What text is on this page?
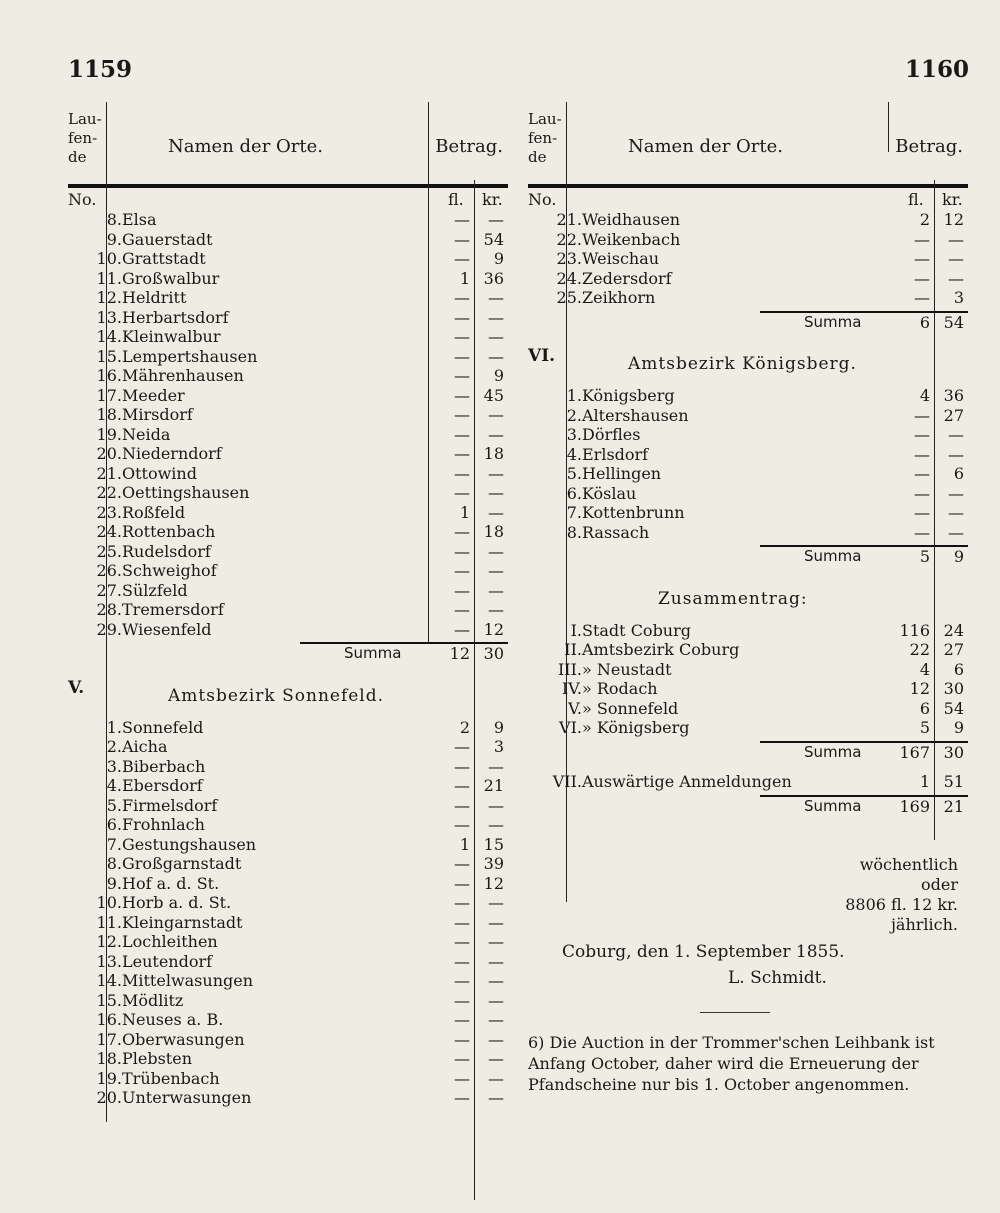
1159	1160
Lau-
fen-
de	Namen der Orte.	Betrag.
No.	fl. kr.
8. Elsa	—	—
9. Gauerstadt	— 54
10. Grattstadt	—	9
11. Großwalbur	1 36
12. Heldritt	—	—
13. Herbartsdorf	—	—
14. Kleinwalbur	—	—
15. Lempertshausen	—	—
16. Mährenhausen	—	9
17. Meeder	— 45
18. Mirsdorf	—	—
19. Neida	—	—
20. Niederndorf	— 18
21. Ottowind	—	—
22. Oettingshausen	—	—
23. Roßfeld	1	—
24. Rottenbach	— 18
25. Rudelsdorf	—	—
26. Schweighof	—	—
27. Sülzfeld	—	—
28. Tremersdorf	—	—
29. Wiesenfeld	— 12
Summa	12 30
V.	Amtsbezirk Sonnefeld.
1. Sonnefeld	2	9
2. Aicha	—	3
3. Biberbach	—	—
4. Ebersdorf	— 21
5. Firmelsdorf	—	—
6. Frohnlach	—	—
7. Gestungshausen	1 15
8. Großgarnstadt	— 39
9. Hof a. d. St.	— 12
10. Horb a. d. St.	—	—
11. Kleingarnstadt	—	—
12. Lochleithen	—	—
13. Leutendorf	—	—
14. Mittelwasungen	—	—
15. Mödlitz	—	—
16. Neuses a. B.	—	—
17. Oberwasungen	—	—
18. Plebsten	—	—
19. Trübenbach	—	—
20. Unterwasungen	—	—
Lau-
fen-
de	Namen der Orte.	Betrag.
No.	fl. kr.
21. Weidhausen	2 12
22. Weikenbach	—	—
23. Weischau	—	—
24. Zedersdorf	—	—
25. Zeikhorn	—	3
Summa	6 54
VI.	Amtsbezirk Königsberg.
1. Königsberg	4 36
2. Altershausen	— 27
3. Dörfles	—	—
4. Erlsdorf	—	—
5. Hellingen	—	6
6. Köslau	—	—
7. Kottenbrunn	—	—
8. Rassach	—	—
Summa	5	9
Zusammentrag:
I. Stadt Coburg	116 24
II. Amtsbezirk Coburg	22 27
III. » Neustadt	4	6
IV. » Rodach	12 30
V. » Sonnefeld	6 54
VI. » Königsberg	5	9
Summa	167 30
VII. Auswärtige Anmeldungen	1 51
Summa	169 21
wöchentlich
oder
8806 fl. 12 kr.
jährlich.
Coburg, den 1. September 1855.
L. Schmidt.
6) Die Auction in der Trommer'schen Leihbank ist Anfang October, daher wird die Erneuerung der Pfandscheine nur bis 1. October angenommen.
